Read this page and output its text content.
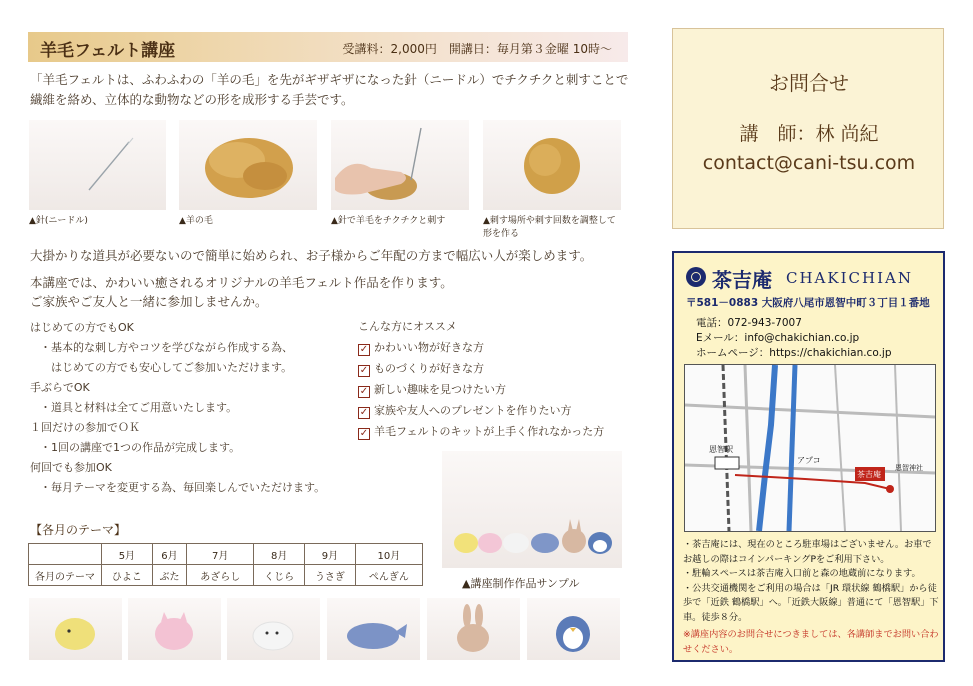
羊毛フェルト講座	受講料：2,000円　開講日：毎月第３金曜 10時～
「羊毛フェルトは、ふわふわの「羊の毛」を先がギザギザになった針（ニードル）でチクチクと刺すことで
繊維を絡め、立体的な動物などの形を成形する手芸です。
▲針(ニードル)	▲羊の毛	▲針で羊毛をチクチクと刺す	▲刺す場所や刺す回数を調整して形を作る
大掛かりな道具が必要ないので簡単に始められ、お子様からご年配の方まで幅広い人が楽しめます。
本講座では、かわいい癒されるオリジナルの羊毛フェルト作品を作ります。
ご家族やご友人と一緒に参加しませんか。
はじめての方でもOK
・基本的な刺し方やコツを学びながら作成する為、
　はじめての方でも安心してご参加いただけます。
手ぶらでOK
・道具と材料は全てご用意いたします。
１回だけの参加でＯＫ
・1回の講座で1つの作品が完成します。
何回でも参加OK
・毎月テーマを変更する為、毎回楽しんでいただけます。
こんな方にオススメ
✓ かわいい物が好きな方
✓ ものづくりが好きな方
✓ 新しい趣味を見つけたい方
✓ 家族や友人へのプレゼントを作りたい方
✓ 羊毛フェルトのキットが上手く作れなかった方
▲講座制作作品サンプル
【各月のテーマ】
	5月	6月	7月	8月	9月	10月
各月のテーマ	ひよこ	ぶた	あざらし	くじら	うさぎ	ぺんぎん
お問合せ
講　師：林 尚紀
contact@cani-tsu.com
茶吉庵 CHAKICHIAN
〒581－0883 大阪府八尾市恩智中町３丁目１番地
電話：072‐943‐7007
Eメール：info@chakichian.co.jp
ホームページ：https://chakichian.co.jp
恩智駅
茶吉庵
アプコ
恩智神社
・茶吉庵には、現在のところ駐車場はございません。お車でお越しの際はコインパーキングPをご利用下さい。
・駐輪スペースは茶吉庵入口前と森の地蔵前になります。
・公共交通機関をご利用の場合は「JR 環状線 鶴橋駅」から徒歩で「近鉄 鶴橋駅」へ。「近鉄大阪線」普通にて「恩智駅」下車。徒歩８分。
※講座内容のお問合せにつきましては、各講師までお問い合わせください。
